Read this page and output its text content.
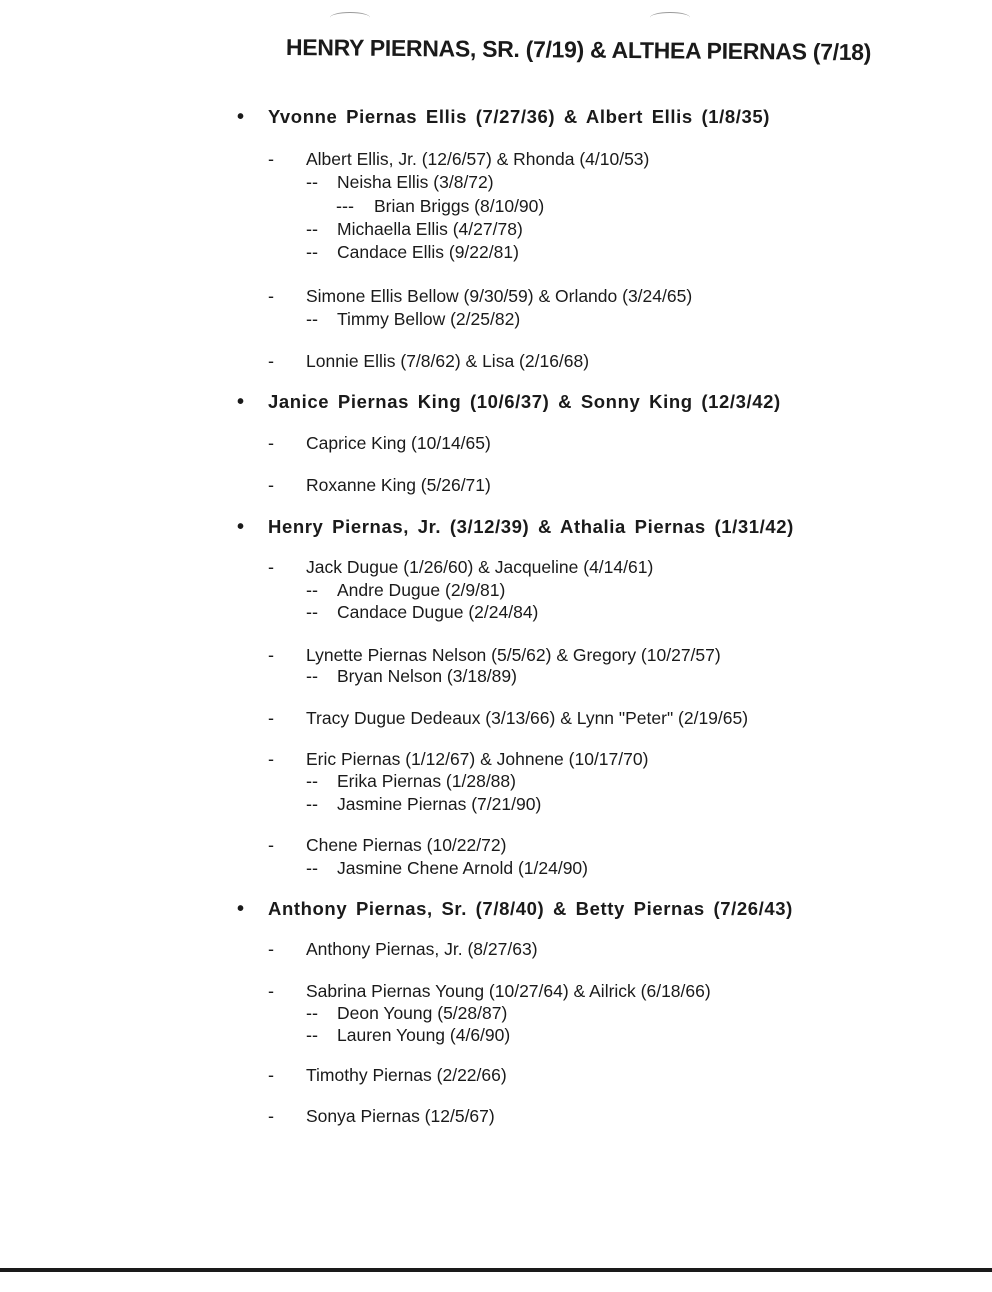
HENRY PIERNAS, SR. (7/19) & ALTHEA PIERNAS (7/18)
• Yvonne Piernas Ellis (7/27/36) & Albert Ellis (1/8/35)
- Albert Ellis, Jr. (12/6/57) & Rhonda (4/10/53)
-- Neisha Ellis (3/8/72)
--- Brian Briggs (8/10/90)
-- Michaella Ellis (4/27/78)
-- Candace Ellis (9/22/81)
- Simone Ellis Bellow (9/30/59) & Orlando (3/24/65)
-- Timmy Bellow (2/25/82)
- Lonnie Ellis (7/8/62) & Lisa (2/16/68)
• Janice Piernas King (10/6/37) & Sonny King (12/3/42)
- Caprice King (10/14/65)
- Roxanne King (5/26/71)
• Henry Piernas, Jr. (3/12/39) & Athalia Piernas (1/31/42)
- Jack Dugue (1/26/60) & Jacqueline (4/14/61)
-- Andre Dugue (2/9/81)
-- Candace Dugue (2/24/84)
- Lynette Piernas Nelson (5/5/62) & Gregory (10/27/57)
-- Bryan Nelson (3/18/89)
- Tracy Dugue Dedeaux (3/13/66) & Lynn "Peter" (2/19/65)
- Eric Piernas (1/12/67) & Johnene (10/17/70)
-- Erika Piernas (1/28/88)
-- Jasmine Piernas (7/21/90)
- Chene Piernas (10/22/72)
-- Jasmine Chene Arnold (1/24/90)
• Anthony Piernas, Sr. (7/8/40) & Betty Piernas (7/26/43)
- Anthony Piernas, Jr. (8/27/63)
- Sabrina Piernas Young (10/27/64) & Ailrick (6/18/66)
-- Deon Young (5/28/87)
-- Lauren Young (4/6/90)
- Timothy Piernas (2/22/66)
- Sonya Piernas (12/5/67)
